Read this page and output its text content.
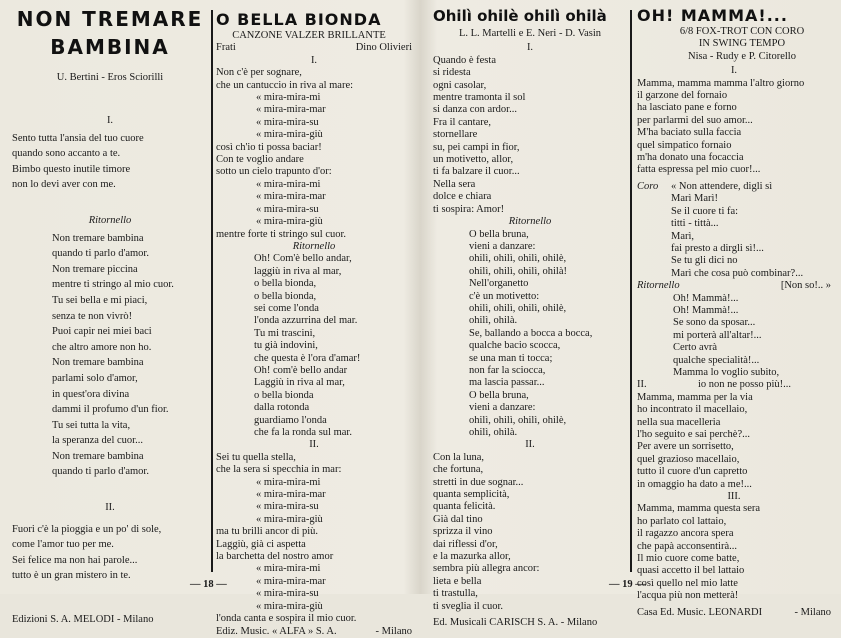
NON TREMARE
BAMBINA
U. Bertini - Eros Sciorilli
I.
Sento tutta l'ansia del tuo cuore
quando sono accanto a te.
Bimbo questo inutile timore
non lo devi aver con me.
Ritornello
Non tremare bambina
quando ti parlo d'amor.
Non tremare piccina
mentre ti stringo al mio cuor.
Tu sei bella e mi piaci,
senza te non vivrò!
Puoi capir nei miei baci
che altro amore non ho.
Non tremare bambina
parlami solo d'amor,
in quest'ora divina
dammi il profumo d'un fior.
Tu sei tutta la vita,
la speranza del cuor...
Non tremare bambina
quando ti parlo d'amor.
II.
Fuori c'è la pioggia e un po' di sole,
come l'amor tuo per me.
Sei felice ma non hai parole...
tutto è un gran mistero in te.
Edizioni S. A. MELODI - Milano
O BELLA BIONDA
CANZONE VALZER BRILLANTE
Frati	Dino Olivieri
I.
Non c'è per sognare,
che un cantuccio in riva al mare:
« mira-mira-mi
« mira-mira-mar
« mira-mira-su
« mira-mira-giù
così ch'io ti possa baciar!
Con te voglio andare
sotto un cielo trapunto d'or:
« mira-mira-mi
« mira-mira-mar
« mira-mira-su
« mira-mira-giù
mentre forte ti stringo sul cuor.
Ritornello
Oh! Com'è bello andar,
laggiù in riva al mar,
o bella bionda,
o bella bionda,
sei come l'onda
l'onda azzurrina del mar.
Tu mi trascini,
tu già indovini,
che questa è l'ora d'amar!
Oh! com'è bello andar
Laggiù in riva al mar,
o bella bionda
dalla rotonda
guardiamo l'onda
che fa la ronda sul mar.
II.
Sei tu quella stella,
che la sera si specchia in mar:
« mira-mira-mi
« mira-mira-mar
« mira-mira-su
« mira-mira-giù
ma tu brilli ancor di più.
Laggiù, già ci aspetta
la barchetta del nostro amor
« mira-mira-mi
« mira-mira-mar
« mira-mira-su
« mira-mira-giù
l'onda canta e sospira il mio cuor.
Ediz. Music. « ALFA » S. A.	- Milano
— 18 —
Ohilì ohilè ohilì ohilà
L. L. Martelli e E. Neri - D. Vasin
I.
Quando è festa
si ridesta
ogni casolar,
mentre tramonta il sol
si danza con ardor...
Fra il cantare,
stornellare
su, pei campi in fior,
un motivetto, allor,
ti fa balzare il cuor...
Nella sera
dolce e chiara
ti sospira: Amor!
Ritornello
O bella bruna,
vieni a danzare:
ohilì, ohilì, ohilì, ohilè,
ohilì, ohilì, ohilì, ohilà!
Nell'organetto
c'è un motivetto:
ohilì, ohilì, ohilì, ohilè,
ohilì, ohilà.
Se, ballando a bocca a bocca,
qualche bacio scocca,
se una man ti tocca;
non far la sciocca,
ma lascia passar...
O bella bruna,
vieni a danzare:
ohilì, ohilì, ohilì, ohilè,
ohilì, ohilà.
II.
Con la luna,
che fortuna,
stretti in due sognar...
quanta semplicità,
quanta felicità.
Già dal tino
sprizza il vino
dai riflessi d'or,
e la mazurka allor,
sembra più allegra ancor:
lieta e bella
ti trastulla,
ti sveglia il cuor.
Ed. Musicali CARISCH S. A. - Milano
OH! MAMMA!...
6/8 FOX-TROT CON CORO
IN SWING TEMPO
Nisa - Rudy e P. Citorello
I.
Mamma, mamma mamma l'altro giorno
il garzone del fornaio
ha lasciato pane e forno
per parlarmi del suo amor...
M'ha baciato sulla faccia
quel simpatico fornaio
m'ha donato una focaccia
fatta espressa pel mio cuor!...
Coro	« Non attendere, digli sì
Marì Marì!
Se il cuore ti fa:
titti - tittà...
Marì,
fai presto a dirgli sì!...
Se tu gli dici no
Marì che cosa può combinar?...
Ritornello	[Non so!.. »
Oh! Mammà!...
Oh! Mammà!...
Se sono da sposar...
mi porterà all'altar!...
Certo avrà
qualche specialità!...
Mamma lo voglio subito,
II.	io non ne posso più!...
Mamma, mamma per la via
ho incontrato il macellaio,
nella sua macelleria
l'ho seguito e sai perchè?...
Per avere un sorrisetto,
quel grazioso macellaio,
tutto il cuore d'un capretto
in omaggio ha dato a me!...
III.
Mamma, mamma questa sera
ho parlato col lattaio,
il ragazzo ancora spera
che papà acconsentirà...
Il mio cuore come batte,
quasi accetto il bel lattaio
così quello nel mio latte
l'acqua più non metterà!
Casa Ed. Music. LEONARDI	- Milano
— 19 —
